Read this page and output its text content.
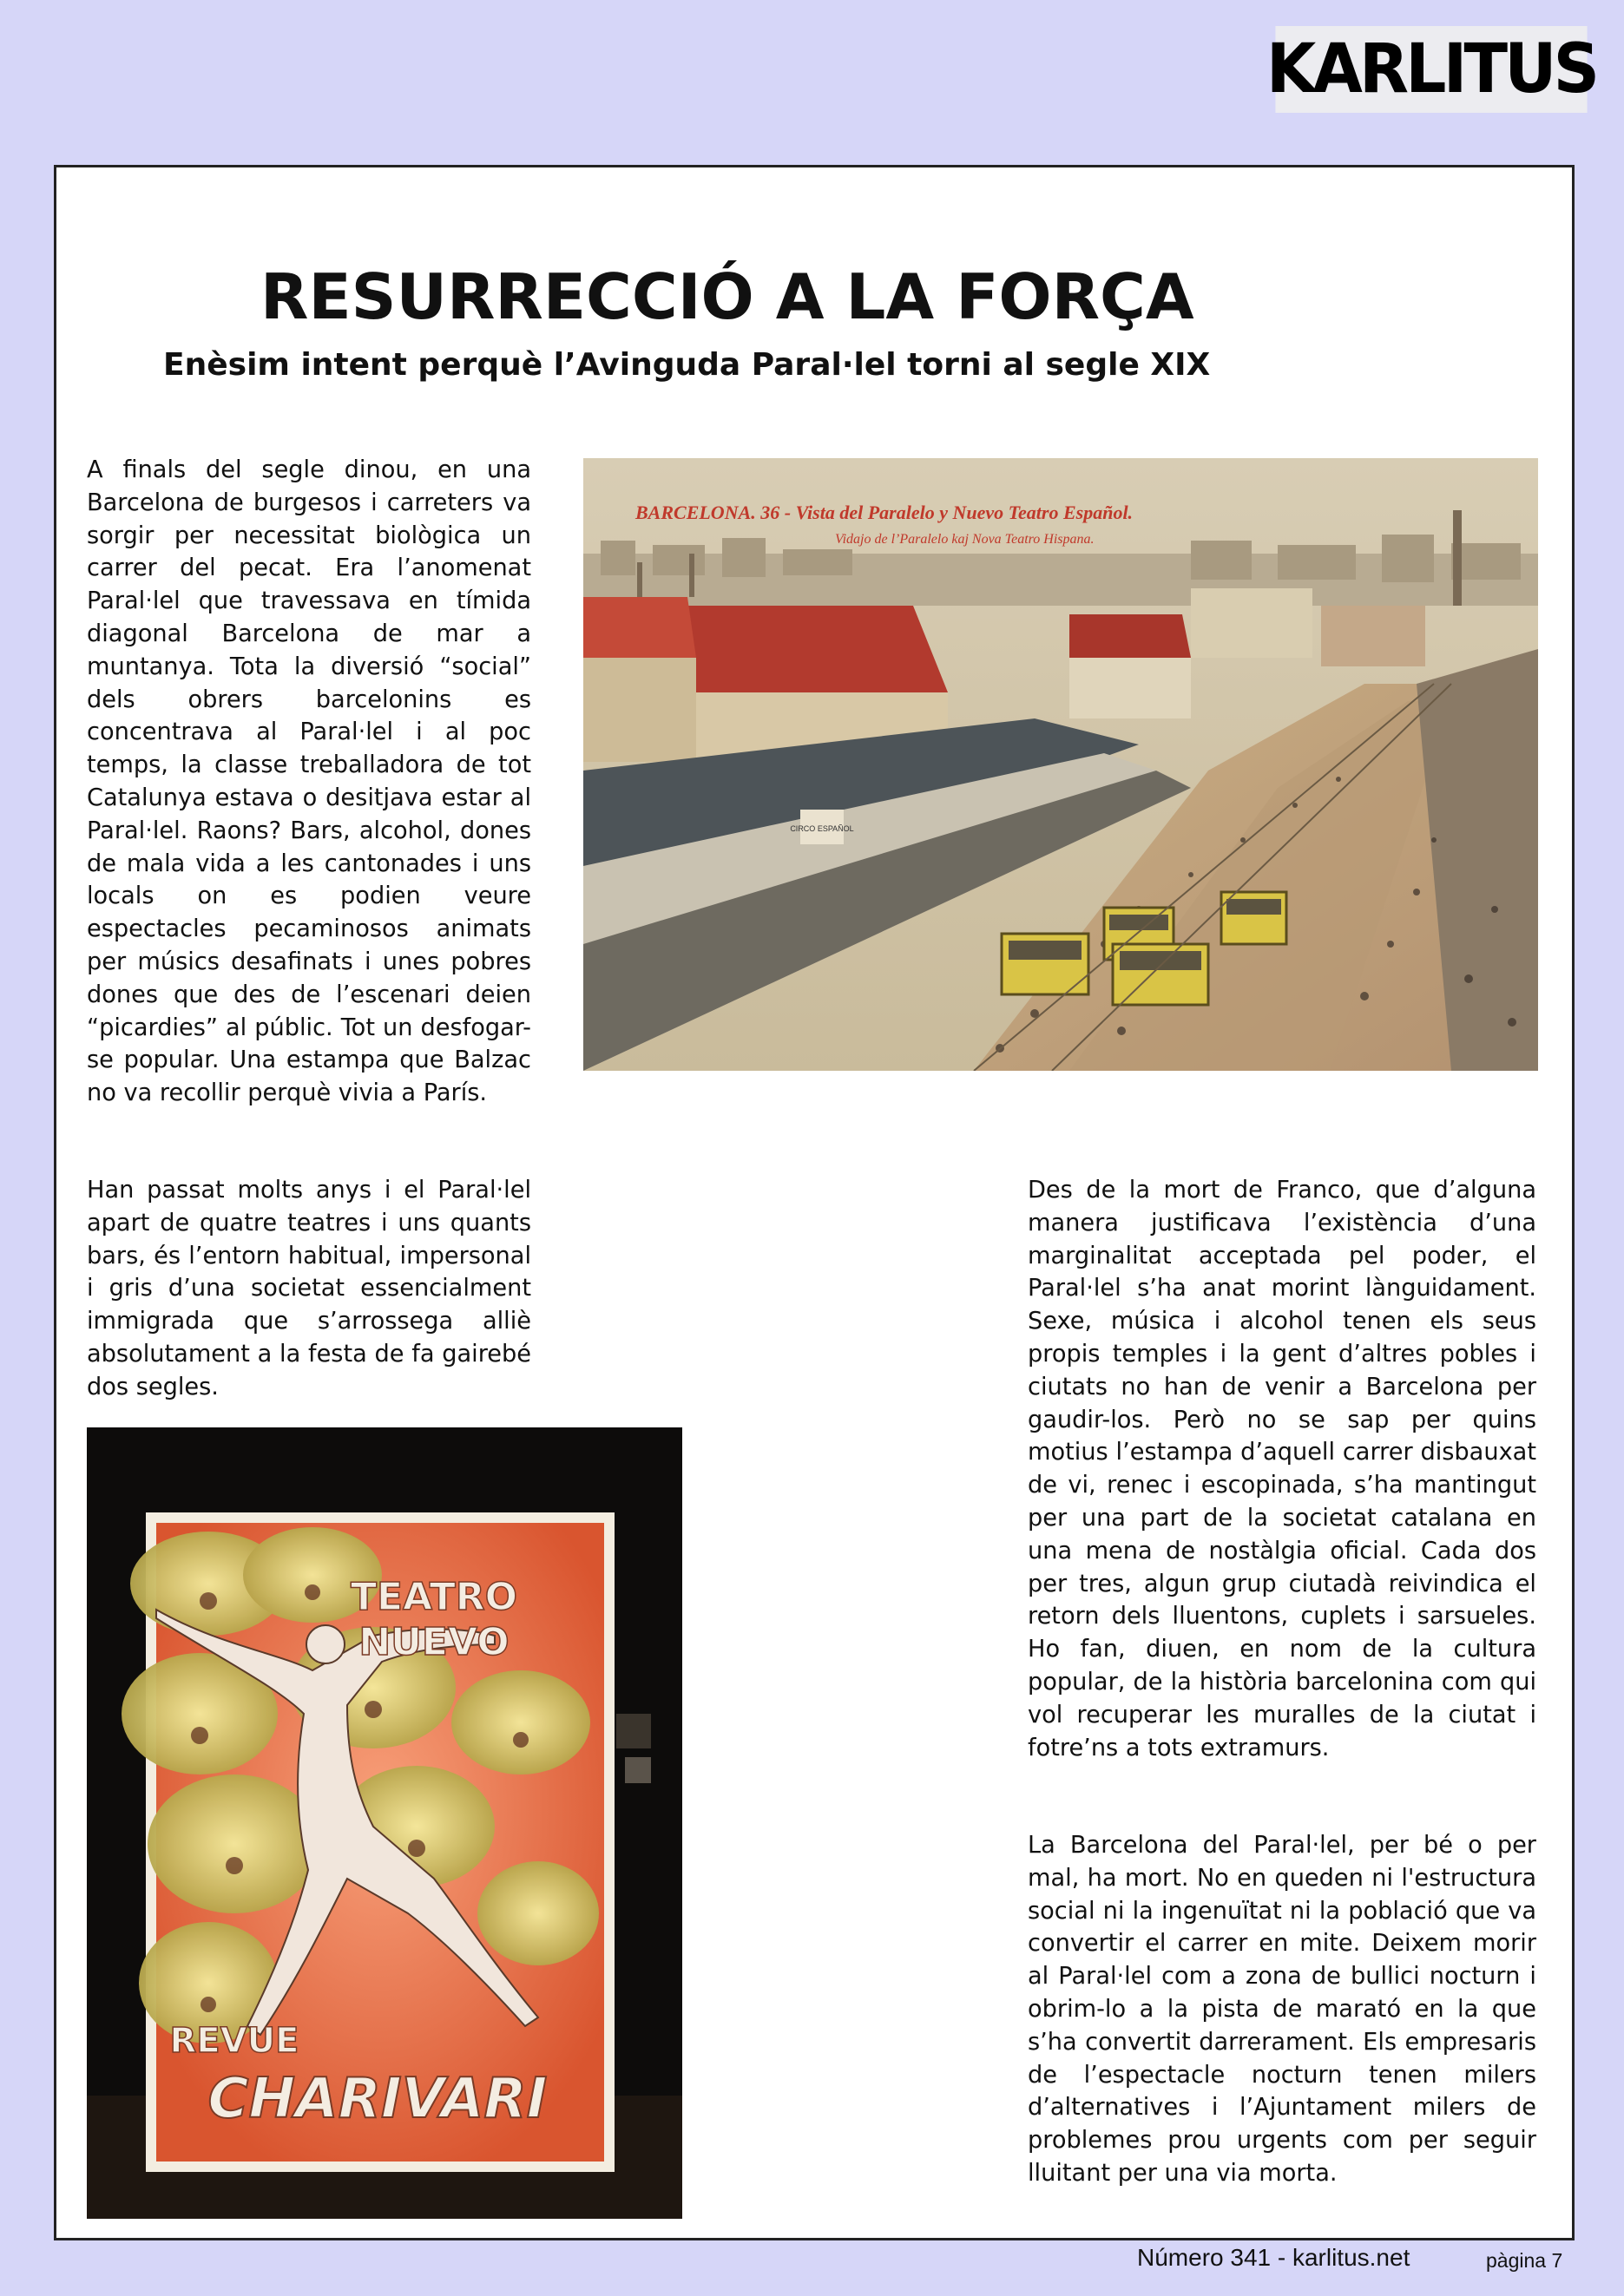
KARLITUS
RESURRECCIÓ A LA FORÇA
Enèsim intent perquè l’Avinguda Paral·lel torni al segle XIX

A finals del segle dinou, en una Barcelona de burgesos i carreters va sorgir per necessitat biològica un carrer del pecat. Era l’anomenat Paral·lel que travessava en tímida diagonal Barcelona de mar a muntanya. Tota la diversió “social” dels obrers barcelonins es concentrava al Paral·lel i al poc temps, la classe treballadora de tot Catalunya estava o desitjava estar al Paral·lel. Raons? Bars, alcohol, dones de mala vida a les cantonades i uns locals on es podien veure espectacles pecaminosos animats per músics desafinats i unes pobres dones que des de l’escenari deien “picardies” al públic. Tot un desfogar-se popular. Una estampa que Balzac no va recollir perquè vivia a París.

Han passat molts anys i el Paral·lel apart de quatre teatres i uns quants bars, és l’entorn habitual, impersonal i gris d’una societat essencialment immigrada que s’arrossega alliè absolutament a la festa de fa gairebé dos segles.

Des de la mort de Franco, que d’alguna manera justificava l’existència d’una marginalitat acceptada pel poder, el Paral·lel s’ha anat morint lànguidament. Sexe, música i alcohol tenen els seus propis temples i la gent d’altres pobles i ciutats no han de venir a Barcelona per gaudir-los. Però no se sap per quins motius l’estampa d’aquell carrer disbauxat de vi, renec i escopinada, s’ha mantingut per una part de la societat catalana en una mena de nostàlgia oficial. Cada dos per tres, algun grup ciutadà reivindica el retorn dels lluentons, cuplets i sarsueles. Ho fan, diuen, en nom de la cultura popular, de la història barcelonina com qui vol recuperar les muralles de la ciutat i fotre’ns a tots extramurs.

La Barcelona del Paral·lel, per bé o per mal, ha mort. No en queden ni l'estructura social ni la ingenuïtat ni la població que va convertir el carrer en mite. Deixem morir al Paral·lel com a zona de bullici nocturn i obrim-lo a la pista de marató en la que s’ha convertit darrerament. Els empresaris de l’espectacle nocturn tenen milers d’alternatives i l’Ajuntament milers de problemes prou urgents com per seguir lluitant per una via morta.

CIRCO ESPAÑOL
BARCELONA. 36 - Vista del Paralelo y Nuevo Teatro Español.
Vidajo de l’Paralelo kaj Nova Teatro Hispana.
TEATRO
NUEVO
REVUE
CHARIVARI
Número 341 - karlitus.net	pàgina 7
